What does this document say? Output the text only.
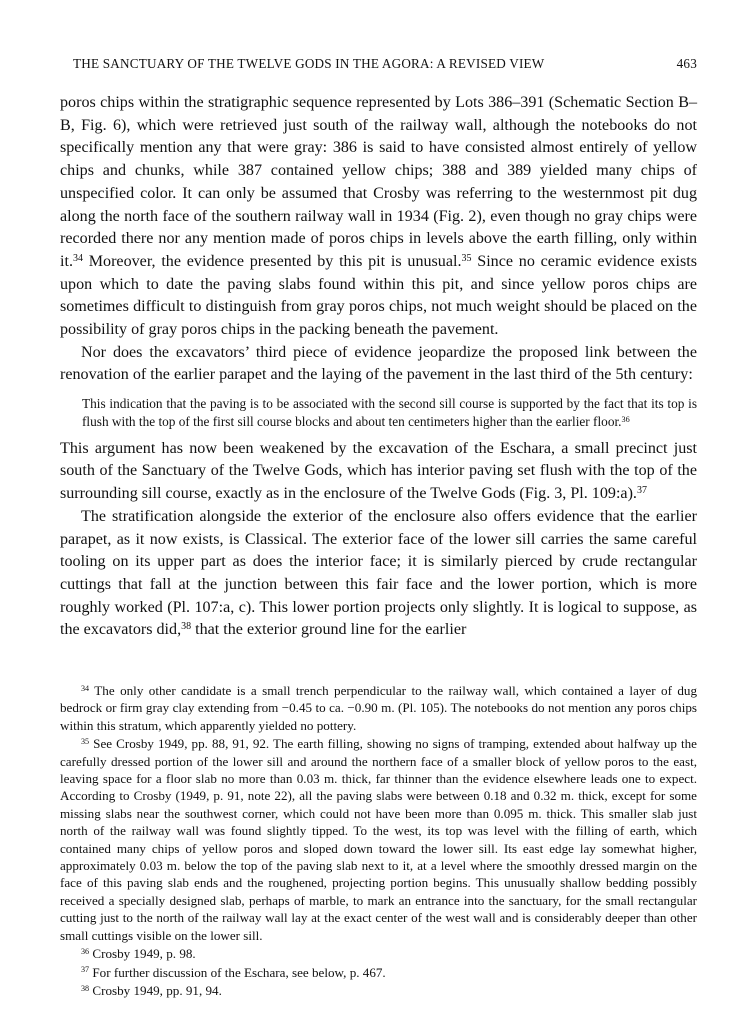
THE SANCTUARY OF THE TWELVE GODS IN THE AGORA: A REVISED VIEW	463

poros chips within the stratigraphic sequence represented by Lots 386–391 (Schematic Section B–B, Fig. 6), which were retrieved just south of the railway wall, although the notebooks do not specifically mention any that were gray: 386 is said to have consisted almost entirely of yellow chips and chunks, while 387 contained yellow chips; 388 and 389 yielded many chips of unspecified color. It can only be assumed that Crosby was referring to the westernmost pit dug along the north face of the southern railway wall in 1934 (Fig. 2), even though no gray chips were recorded there nor any mention made of poros chips in levels above the earth filling, only within it.$^{34}$ Moreover, the evidence presented by this pit is unusual.$^{35}$ Since no ceramic evidence exists upon which to date the paving slabs found within this pit, and since yellow poros chips are sometimes difficult to distinguish from gray poros chips, not much weight should be placed on the possibility of gray poros chips in the packing beneath the pavement.

Nor does the excavators’ third piece of evidence jeopardize the proposed link between the renovation of the earlier parapet and the laying of the pavement in the last third of the 5th century:

This indication that the paving is to be associated with the second sill course is supported by the fact that its top is flush with the top of the first sill course blocks and about ten centimeters higher than the earlier floor.$^{36}$

This argument has now been weakened by the excavation of the Eschara, a small precinct just south of the Sanctuary of the Twelve Gods, which has interior paving set flush with the top of the surrounding sill course, exactly as in the enclosure of the Twelve Gods (Fig. 3, Pl. 109:a).$^{37}$

The stratification alongside the exterior of the enclosure also offers evidence that the earlier parapet, as it now exists, is Classical. The exterior face of the lower sill carries the same careful tooling on its upper part as does the interior face; it is similarly pierced by crude rectangular cuttings that fall at the junction between this fair face and the lower portion, which is more roughly worked (Pl. 107:a, c). This lower portion projects only slightly. It is logical to suppose, as the excavators did,$^{38}$ that the exterior ground line for the earlier

$^{34}$ The only other candidate is a small trench perpendicular to the railway wall, which contained a layer of dug bedrock or firm gray clay extending from −0.45 to ca. −0.90 m. (Pl. 105). The notebooks do not mention any poros chips within this stratum, which apparently yielded no pottery.

$^{35}$ See Crosby 1949, pp. 88, 91, 92. The earth filling, showing no signs of tramping, extended about halfway up the carefully dressed portion of the lower sill and around the northern face of a smaller block of yellow poros to the east, leaving space for a floor slab no more than 0.03 m. thick, far thinner than the evidence elsewhere leads one to expect. According to Crosby (1949, p. 91, note 22), all the paving slabs were between 0.18 and 0.32 m. thick, except for some missing slabs near the southwest corner, which could not have been more than 0.095 m. thick. This smaller slab just north of the railway wall was found slightly tipped. To the west, its top was level with the filling of earth, which contained many chips of yellow poros and sloped down toward the lower sill. Its east edge lay somewhat higher, approximately 0.03 m. below the top of the paving slab next to it, at a level where the smoothly dressed margin on the face of this paving slab ends and the roughened, projecting portion begins. This unusually shallow bedding possibly received a specially designed slab, perhaps of marble, to mark an entrance into the sanctuary, for the small rectangular cutting just to the north of the railway wall lay at the exact center of the west wall and is considerably deeper than other small cuttings visible on the lower sill.

$^{36}$ Crosby 1949, p. 98.

$^{37}$ For further discussion of the Eschara, see below, p. 467.

$^{38}$ Crosby 1949, pp. 91, 94.
